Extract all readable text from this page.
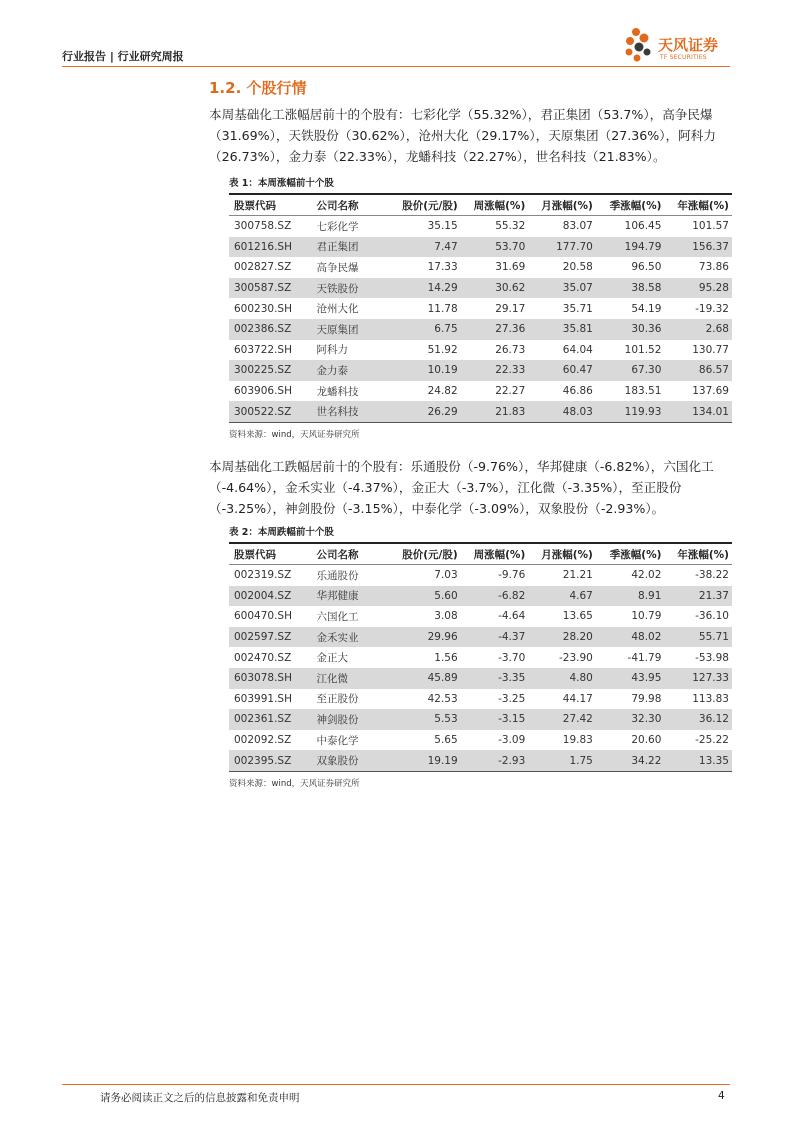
行业报告 | 行业研究周报
天风证券
TF SECURITIES
1.2. 个股行情
本周基础化工涨幅居前十的个股有：七彩化学（55.32%），君正集团（53.7%），高争民爆（31.69%），天铁股份（30.62%），沧州大化（29.17%），天原集团（27.36%），阿科力（26.73%），金力泰（22.33%），龙蟠科技（22.27%），世名科技（21.83%）。
表 1：本周涨幅前十个股
股票代码	公司名称	股价(元/股)	周涨幅(%)	月涨幅(%)	季涨幅(%)	年涨幅(%)
300758.SZ	七彩化学	35.15	55.32	83.07	106.45	101.57
601216.SH	君正集团	7.47	53.70	177.70	194.79	156.37
002827.SZ	高争民爆	17.33	31.69	20.58	96.50	73.86
300587.SZ	天铁股份	14.29	30.62	35.07	38.58	95.28
600230.SH	沧州大化	11.78	29.17	35.71	54.19	-19.32
002386.SZ	天原集团	6.75	27.36	35.81	30.36	2.68
603722.SH	阿科力	51.92	26.73	64.04	101.52	130.77
300225.SZ	金力泰	10.19	22.33	60.47	67.30	86.57
603906.SH	龙蟠科技	24.82	22.27	46.86	183.51	137.69
300522.SZ	世名科技	26.29	21.83	48.03	119.93	134.01
资料来源：wind，天风证券研究所
本周基础化工跌幅居前十的个股有：乐通股份（-9.76%），华邦健康（-6.82%），六国化工（-4.64%），金禾实业（-4.37%），金正大（-3.7%），江化微（-3.35%），至正股份（-3.25%），神剑股份（-3.15%），中泰化学（-3.09%），双象股份（-2.93%）。
表 2：本周跌幅前十个股
股票代码	公司名称	股价(元/股)	周涨幅(%)	月涨幅(%)	季涨幅(%)	年涨幅(%)
002319.SZ	乐通股份	7.03	-9.76	21.21	42.02	-38.22
002004.SZ	华邦健康	5.60	-6.82	4.67	8.91	21.37
600470.SH	六国化工	3.08	-4.64	13.65	10.79	-36.10
002597.SZ	金禾实业	29.96	-4.37	28.20	48.02	55.71
002470.SZ	金正大	1.56	-3.70	-23.90	-41.79	-53.98
603078.SH	江化微	45.89	-3.35	4.80	43.95	127.33
603991.SH	至正股份	42.53	-3.25	44.17	79.98	113.83
002361.SZ	神剑股份	5.53	-3.15	27.42	32.30	36.12
002092.SZ	中泰化学	5.65	-3.09	19.83	20.60	-25.22
002395.SZ	双象股份	19.19	-2.93	1.75	34.22	13.35
资料来源：wind，天风证券研究所
请务必阅读正文之后的信息披露和免责申明	4
